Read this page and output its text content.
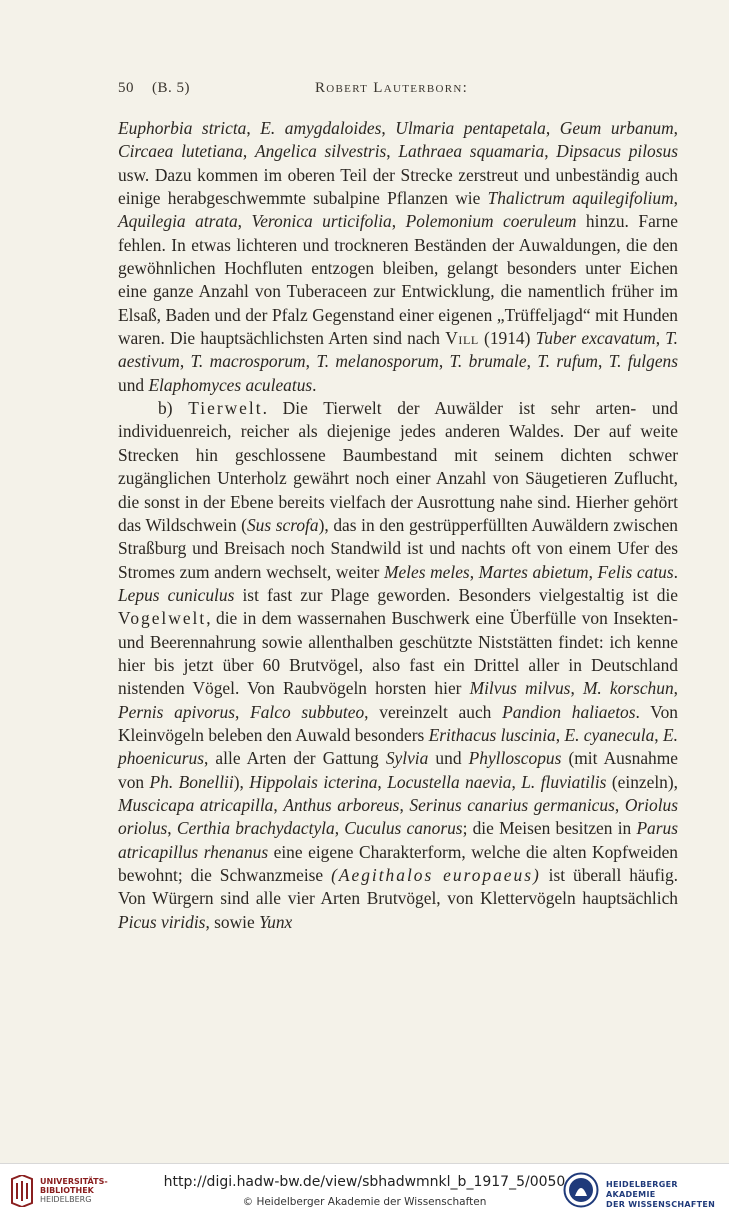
50 (B. 5)	Robert Lauterborn:

Euphorbia stricta, E. amygdaloides, Ulmaria pentapetala, Geum urbanum, Circaea lutetiana, Angelica silvestris, Lathraea squamaria, Dipsacus pilosus usw. Dazu kommen im oberen Teil der Strecke zerstreut und unbeständig auch einige herabgeschwemmte subalpine Pflanzen wie Thalictrum aquilegifolium, Aquilegia atrata, Veronica urticifolia, Polemonium coeruleum hinzu. Farne fehlen. In etwas lichteren und trockneren Beständen der Auwaldungen, die den gewöhnlichen Hochfluten entzogen bleiben, gelangt besonders unter Eichen eine ganze Anzahl von Tuberaceen zur Entwicklung, die namentlich früher im Elsaß, Baden und der Pfalz Gegenstand einer eigenen „Trüffeljagd“ mit Hunden waren. Die hauptsächlichsten Arten sind nach Vill (1914) Tuber excavatum, T. aestivum, T. macrosporum, T. melanosporum, T. brumale, T. rufum, T. fulgens und Elaphomyces aculeatus.

b) Tierwelt. Die Tierwelt der Auwälder ist sehr arten- und individuenreich, reicher als diejenige jedes anderen Waldes. Der auf weite Strecken hin geschlossene Baumbestand mit seinem dichten schwer zugänglichen Unterholz gewährt noch einer Anzahl von Säugetieren Zuflucht, die sonst in der Ebene bereits vielfach der Ausrottung nahe sind. Hierher gehört das Wildschwein (Sus scrofa), das in den gestrüpperfüllten Auwäldern zwischen Straßburg und Breisach noch Standwild ist und nachts oft von einem Ufer des Stromes zum andern wechselt, weiter Meles meles, Martes abietum, Felis catus. Lepus cuniculus ist fast zur Plage geworden. Besonders vielgestaltig ist die Vogelwelt, die in dem wassernahen Buschwerk eine Überfülle von Insekten- und Beerennahrung sowie allenthalben geschützte Niststätten findet: ich kenne hier bis jetzt über 60 Brutvögel, also fast ein Drittel aller in Deutschland nistenden Vögel. Von Raubvögeln horsten hier Milvus milvus, M. korschun, Pernis apivorus, Falco subbuteo, vereinzelt auch Pandion haliaetos. Von Kleinvögeln beleben den Auwald besonders Erithacus luscinia, E. cyanecula, E. phoenicurus, alle Arten der Gattung Sylvia und Phylloscopus (mit Ausnahme von Ph. Bonellii), Hippolais icterina, Locustella naevia, L. fluviatilis (einzeln), Muscicapa atricapilla, Anthus arboreus, Serinus canarius germanicus, Oriolus oriolus, Certhia brachydactyla, Cuculus canorus; die Meisen besitzen in Parus atricapillus rhenanus eine eigene Charakterform, welche die alten Kopfweiden bewohnt; die Schwanzmeise (Aegithalos europaeus) ist überall häufig. Von Würgern sind alle vier Arten Brutvögel, von Klettervögeln hauptsächlich Picus viridis, sowie Yunx

UNIVERSITÄTS-
BIBLIOTHEK
HEIDELBERG
http://digi.hadw-bw.de/view/sbhadwmnkl_b_1917_5/0050
© Heidelberger Akademie der Wissenschaften
HEIDELBERGER AKADEMIE
DER WISSENSCHAFTEN
